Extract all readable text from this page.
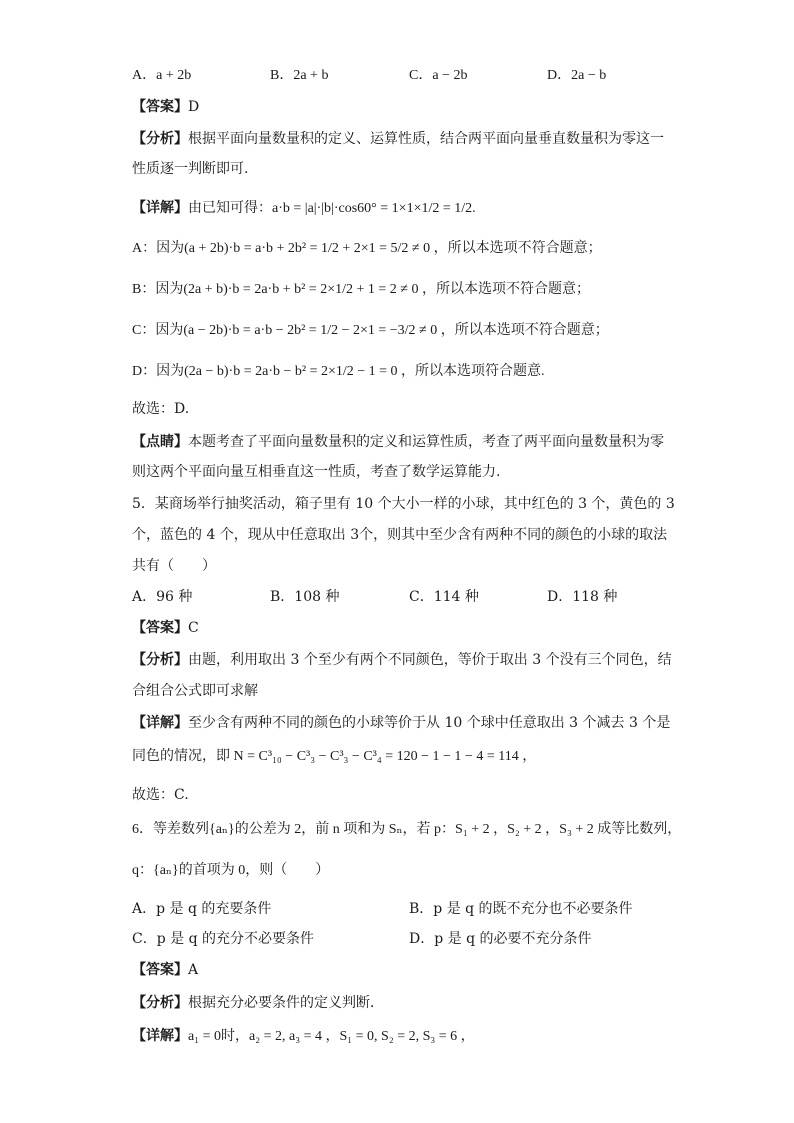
A．a + 2b	B．2a + b	C．a − 2b	D．2a − b
【答案】D
【分析】根据平面向量数量积的定义、运算性质，结合两平面向量垂直数量积为零这一
性质逐一判断即可.
【详解】由已知可得：a·b = |a|·|b|·cos60° = 1×1×1/2 = 1/2.
A：因为(a + 2b)·b = a·b + 2b² = 1/2 + 2×1 = 5/2 ≠ 0 ，所以本选项不符合题意；
B：因为(2a + b)·b = 2a·b + b² = 2×1/2 + 1 = 2 ≠ 0 ，所以本选项不符合题意；
C：因为(a − 2b)·b = a·b − 2b² = 1/2 − 2×1 = −3/2 ≠ 0 ，所以本选项不符合题意；
D：因为(2a − b)·b = 2a·b − b² = 2×1/2 − 1 = 0 ，所以本选项符合题意.
故选：D.
【点睛】本题考查了平面向量数量积的定义和运算性质，考查了两平面向量数量积为零
则这两个平面向量互相垂直这一性质，考查了数学运算能力.
5．某商场举行抽奖活动，箱子里有 10 个大小一样的小球，其中红色的 3 个，黄色的 3
个，蓝色的 4 个，现从中任意取出 3个，则其中至少含有两种不同的颜色的小球的取法
共有（　　）
A．96 种	B．108 种	C．114 种	D．118 种
【答案】C
【分析】由题，利用取出 3 个至少有两个不同颜色，等价于取出 3 个没有三个同色，结
合组合公式即可求解
【详解】至少含有两种不同的颜色的小球等价于从 10 个球中任意取出 3 个减去 3 个是
同色的情况，即 N = C³₁₀ − C³₃ − C³₃ − C³₄ = 120 − 1 − 1 − 4 = 114 ，
故选：C.
6．等差数列{aₙ}的公差为 2，前 n 项和为 Sₙ，若 p：S₁ + 2 ，S₂ + 2 ，S₃ + 2 成等比数列，
q：{aₙ}的首项为 0，则（　　）
A．p 是 q 的充要条件	B．p 是 q 的既不充分也不必要条件
C．p 是 q 的充分不必要条件	D．p 是 q 的必要不充分条件
【答案】A
【分析】根据充分必要条件的定义判断．
【详解】a₁ = 0时，a₂ = 2, a₃ = 4 ，S₁ = 0, S₂ = 2, S₃ = 6 ，
